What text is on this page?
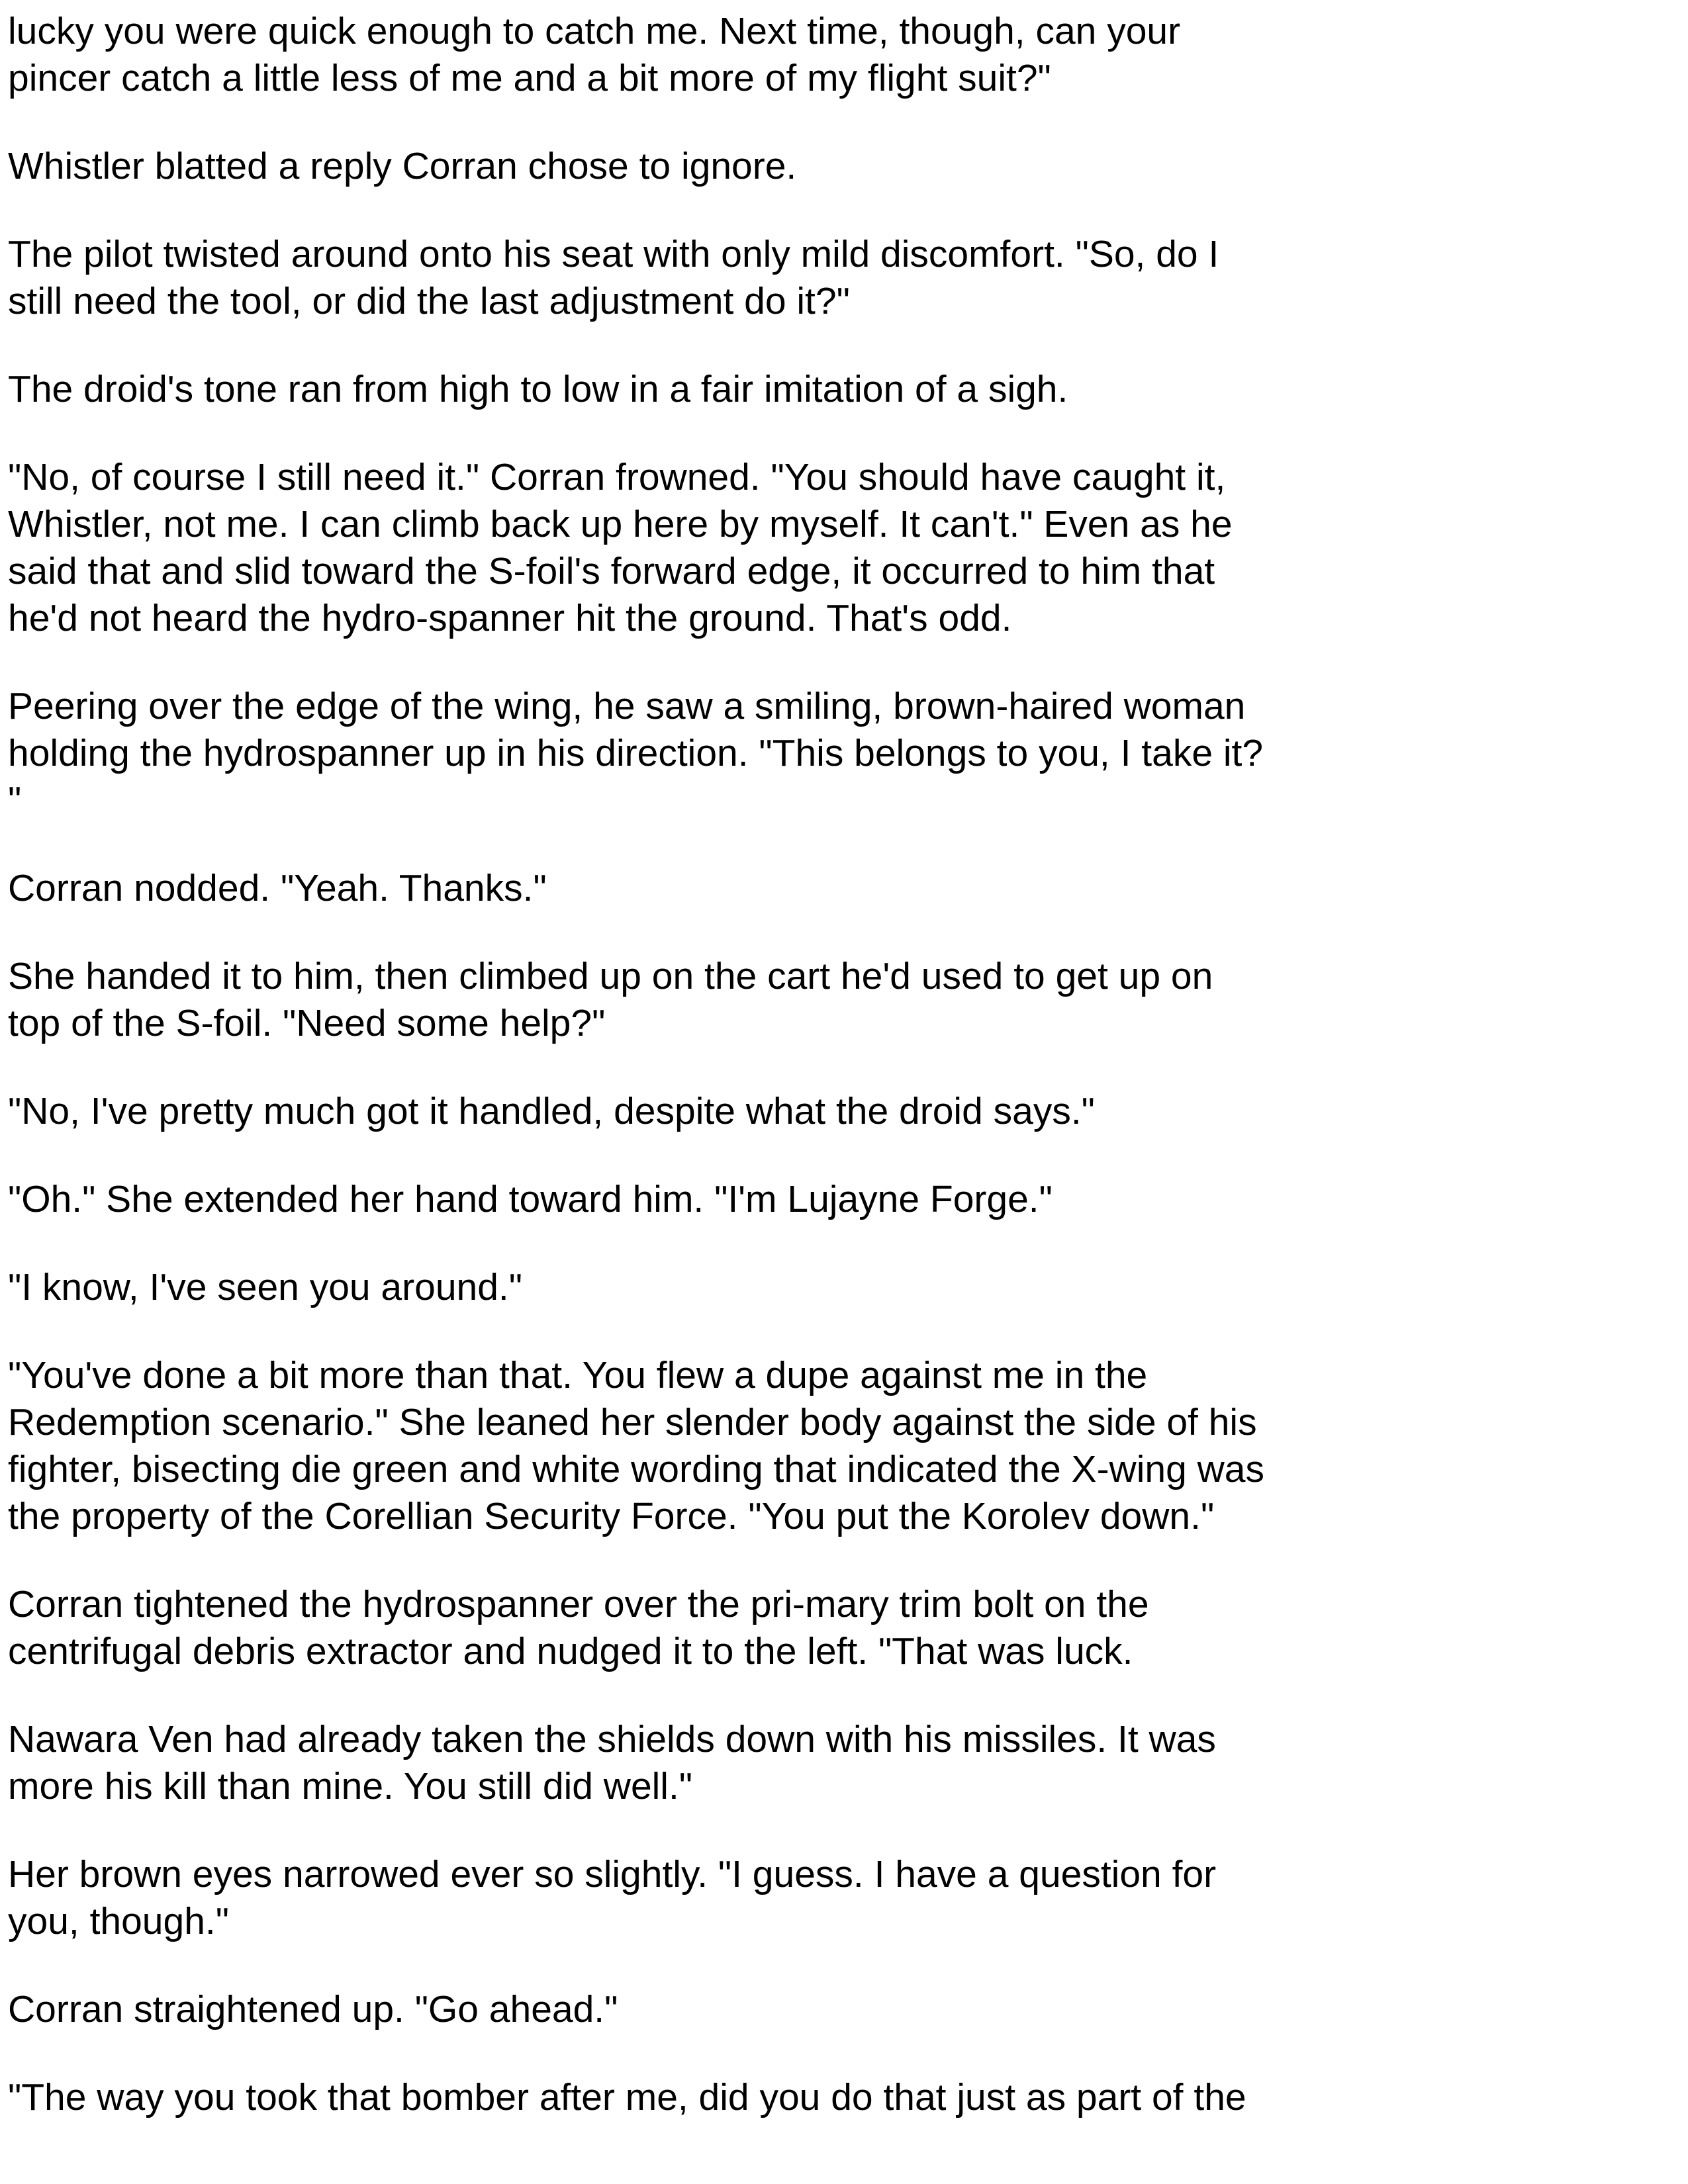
lucky you were quick enough to catch me. Next time, though, can your
pincer catch a little less of me and a bit more of my flight suit?"
Whistler blatted a reply Corran chose to ignore.
The pilot twisted around onto his seat with only mild discomfort. "So, do I
still need the tool, or did the last adjustment do it?"
The droid's tone ran from high to low in a fair imitation of a sigh.
"No, of course I still need it." Corran frowned. "You should have caught it,
Whistler, not me. I can climb back up here by myself. It can't." Even as he
said that and slid toward the S-foil's forward edge, it occurred to him that
he'd not heard the hydro-spanner hit the ground. That's odd.
Peering over the edge of the wing, he saw a smiling, brown-haired woman
holding the hydrospanner up in his direction. "This belongs to you, I take it?
"
Corran nodded. "Yeah. Thanks."
She handed it to him, then climbed up on the cart he'd used to get up on
top of the S-foil. "Need some help?"
"No, I've pretty much got it handled, despite what the droid says."
"Oh." She extended her hand toward him. "I'm Lujayne Forge."
"I know, I've seen you around."
"You've done a bit more than that. You flew a dupe against me in the
Redemption scenario." She leaned her slender body against the side of his
fighter, bisecting die green and white wording that indicated the X-wing was
the property of the Corellian Security Force. "You put the Korolev down."
Corran tightened the hydrospanner over the pri-mary trim bolt on the
centrifugal debris extractor and nudged it to the left. "That was luck.
Nawara Ven had already taken the shields down with his missiles. It was
more his kill than mine. You still did well."
Her brown eyes narrowed ever so slightly. "I guess. I have a question for
you, though."
Corran straightened up. "Go ahead."
"The way you took that bomber after me, did you do that just as part of the
